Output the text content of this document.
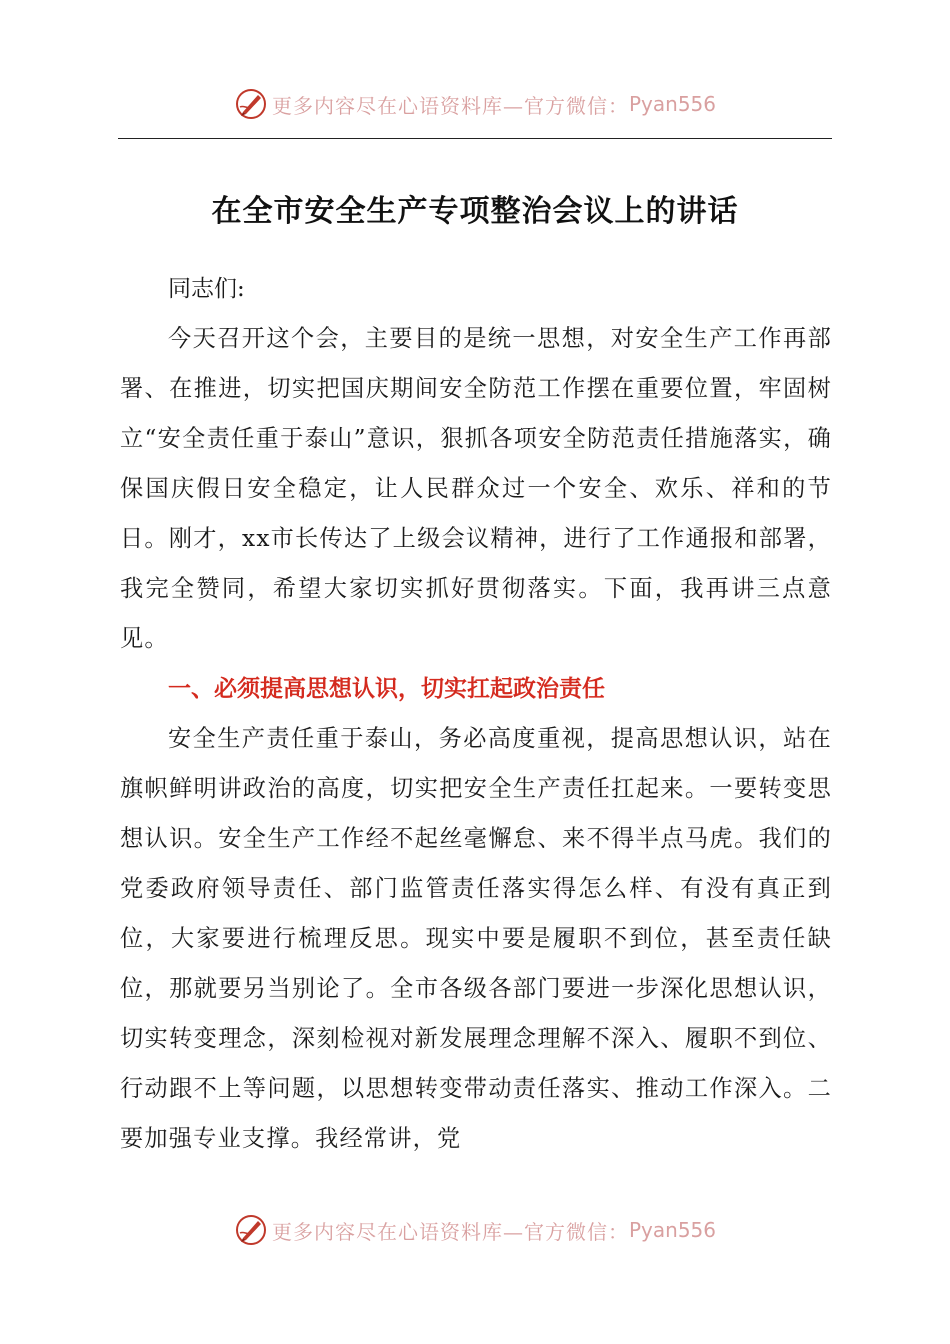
更多内容尽在心语资料库—官方微信： Pyan556
在全市安全生产专项整治会议上的讲话

同志们:

今天召开这个会，主要目的是统一思想，对安全生产工作再部署、在推进，切实把国庆期间安全防范工作摆在重要位置，牢固树立“安全责任重于泰山”意识，狠抓各项安全防范责任措施落实，确保国庆假日安全稳定，让人民群众过一个安全、欢乐、祥和的节日。刚才，xx市长传达了上级会议精神，进行了工作通报和部署，我完全赞同，希望大家切实抓好贯彻落实。下面，我再讲三点意见。

一、必须提高思想认识，切实扛起政治责任

安全生产责任重于泰山，务必高度重视，提高思想认识，站在旗帜鲜明讲政治的高度，切实把安全生产责任扛起来。一要转变思想认识。安全生产工作经不起丝毫懈怠、来不得半点马虎。我们的党委政府领导责任、部门监管责任落实得怎么样、有没有真正到位，大家要进行梳理反思。现实中要是履职不到位，甚至责任缺位，那就要另当别论了。全市各级各部门要进一步深化思想认识，切实转变理念，深刻检视对新发展理念理解不深入、履职不到位、行动跟不上等问题，以思想转变带动责任落实、推动工作深入。二要加强专业支撑。我经常讲，党

更多内容尽在心语资料库—官方微信： Pyan556
